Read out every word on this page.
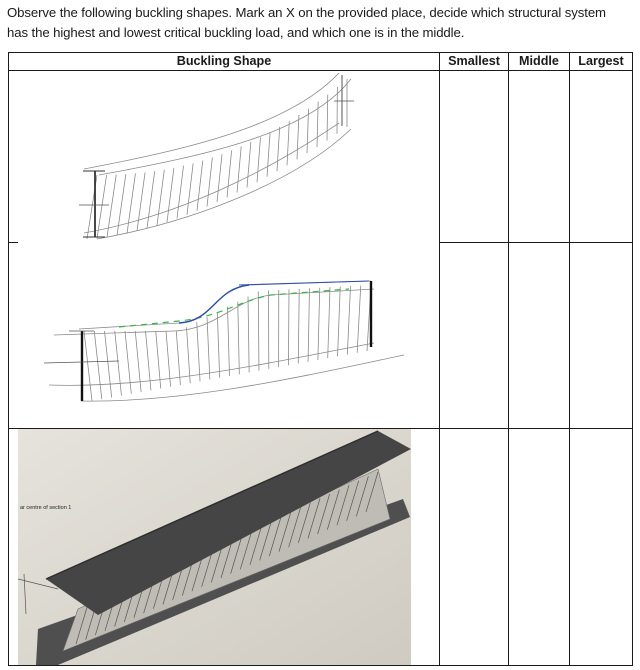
Observe the following buckling shapes. Mark an X on the provided place, decide which structural system
has the highest and lowest critical buckling load, and which one is in the middle.
Buckling Shape	Smallest	Middle	Largest
ar centre of section 1
